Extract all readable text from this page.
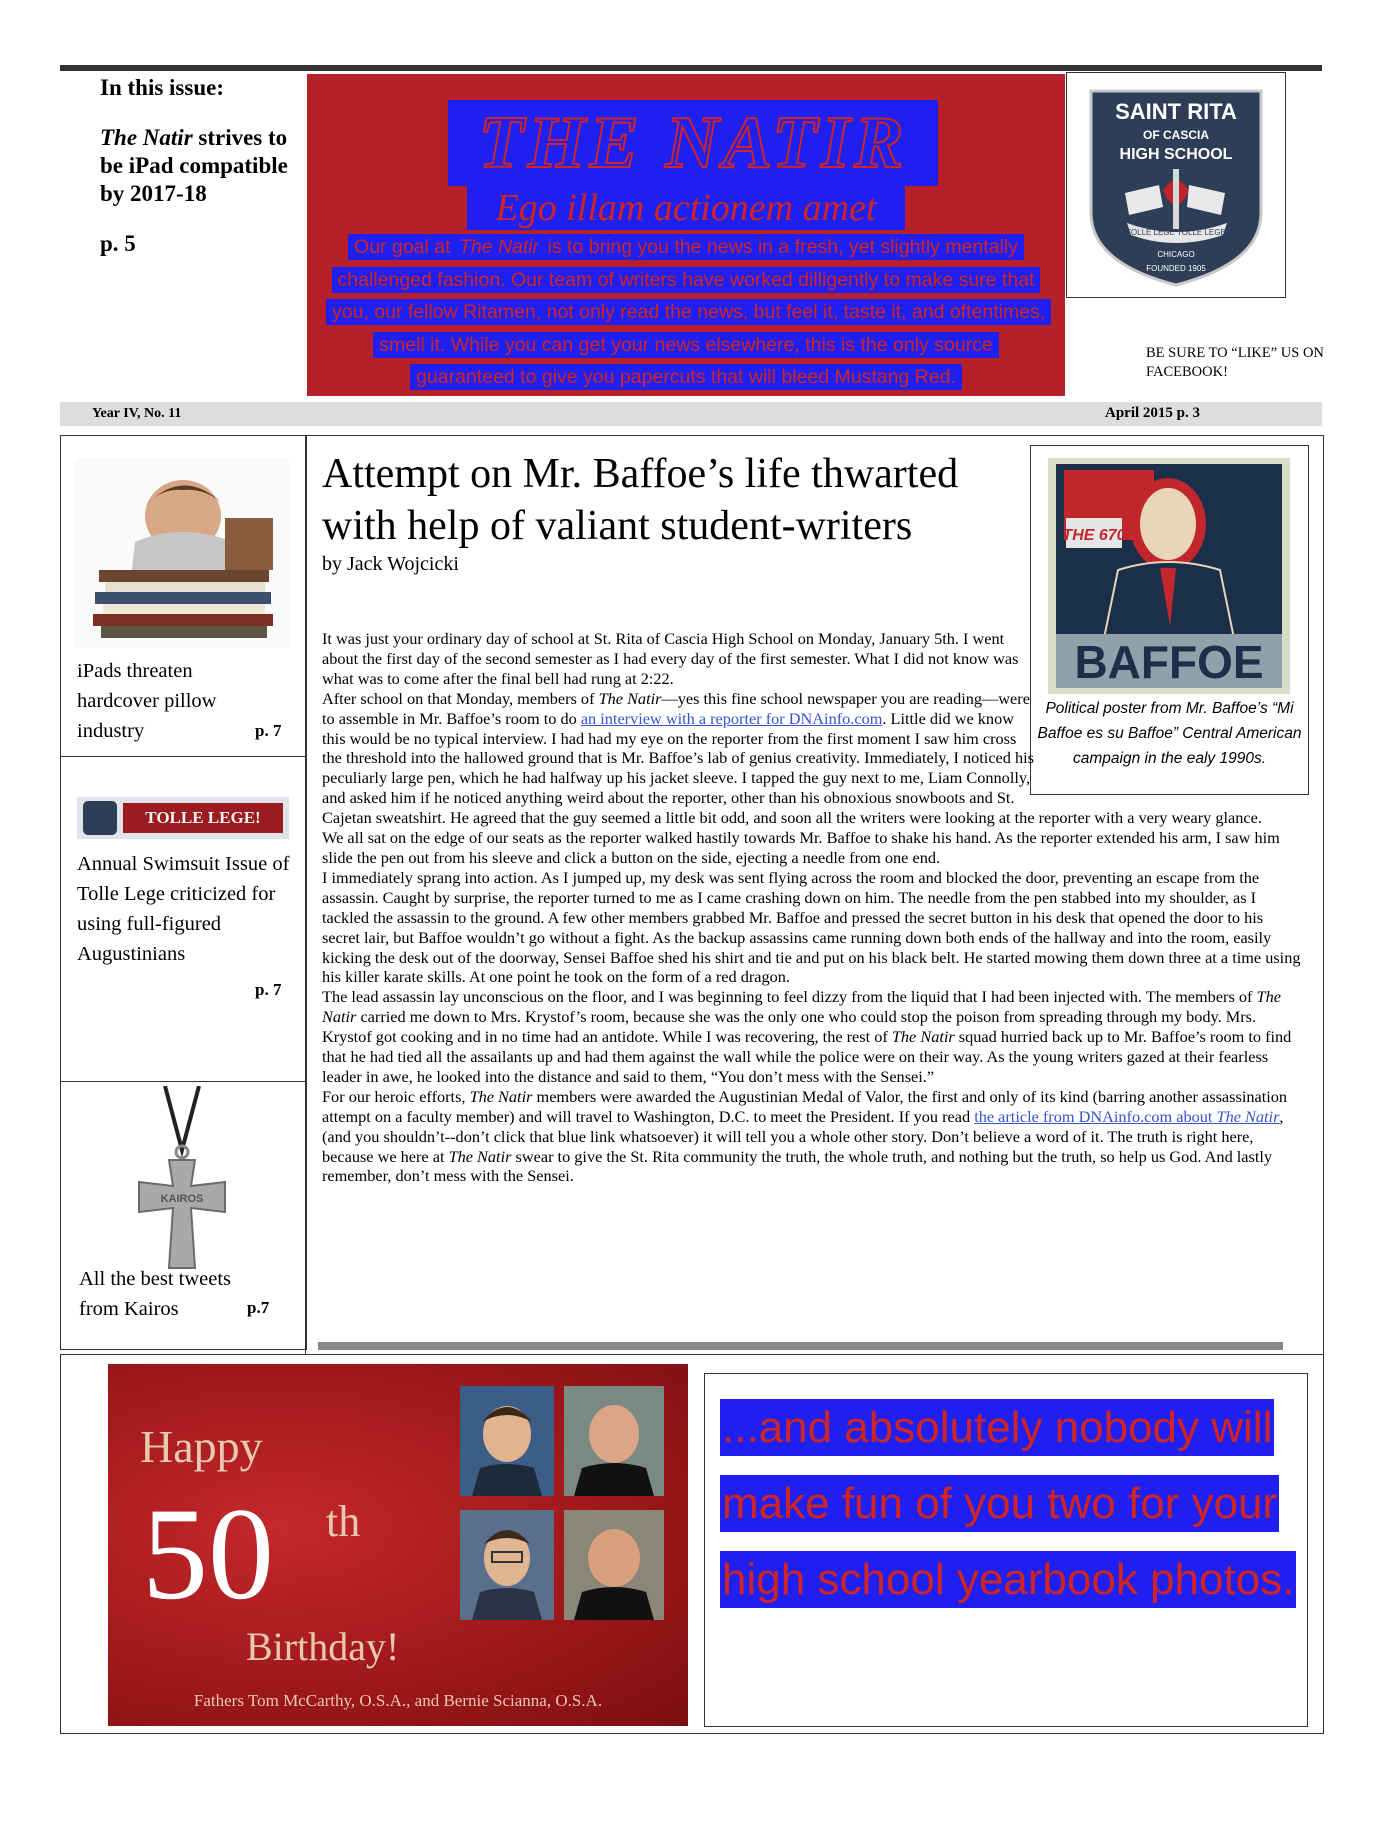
In this issue:
The Natir strives to be iPad compatible by 2017-18
p. 5
THE NATIR
Ego illam actionem amet
Our goal at The Natir is to bring you the news in a fresh, yet slightly mentally challenged fashion. Our team of writers have worked dilligently to make sure that you, our fellow Ritamen, not only read the news, but feel it, taste it, and oftentimes, smell it. While you can get your news elsewhere, this is the only source guaranteed to give you papercuts that will bleed Mustang Red.
SAINT RITA
OF CASCIA
HIGH SCHOOL
TOLLE LEGE TOLLE LEGE
CHICAGO
FOUNDED 1905
BE SURE TO “LIKE” US ON FACEBOOK!
Year IV, No. 11	April 2015 p. 3
iPads threaten hardcover pillow industry	p. 7
TOLLE LEGE!
Annual Swimsuit Issue of Tolle Lege criticized for using full-figured Augustinians
p. 7
KAIROS
All the best tweets from Kairos	p.7
Attempt on Mr. Baffoe’s life thwarted with help of valiant student-writers
by Jack Wojcicki
THE 670
BAFFOE
Political poster from Mr. Baffoe’s “Mi Baffoe es su Baffoe” Central American campaign in the ealy 1990s.

It was just your ordinary day of school at St. Rita of Cascia High School on Monday, January 5th. I went about the first day of the second semester as I had every day of the first semester. What I did not know was what was to come after the final bell had rung at 2:22.

After school on that Monday, members of The Natir—yes this fine school newspaper you are reading—were to assemble in Mr. Baffoe’s room to do an interview with a reporter for DNAinfo.com. Little did we know this would be no typical interview. I had had my eye on the reporter from the first moment I saw him cross the threshold into the hallowed ground that is Mr. Baffoe’s lab of genius creativity. Immediately, I noticed his peculiarly large pen, which he had halfway up his jacket sleeve. I tapped the guy next to me, Liam Connolly, and asked him if he noticed anything weird about the reporter, other than his obnoxious snowboots and St. Cajetan sweatshirt. He agreed that the guy seemed a little bit odd, and soon all the writers were looking at the reporter with a very weary glance.

We all sat on the edge of our seats as the reporter walked hastily towards Mr. Baffoe to shake his hand. As the reporter extended his arm, I saw him slide the pen out from his sleeve and click a button on the side, ejecting a needle from one end.

I immediately sprang into action. As I jumped up, my desk was sent flying across the room and blocked the door, preventing an escape from the assassin. Caught by surprise, the reporter turned to me as I came crashing down on him. The needle from the pen stabbed into my shoulder, as I tackled the assassin to the ground. A few other members grabbed Mr. Baffoe and pressed the secret button in his desk that opened the door to his secret lair, but Baffoe wouldn’t go without a fight. As the backup assassins came running down both ends of the hallway and into the room, easily kicking the desk out of the doorway, Sensei Baffoe shed his shirt and tie and put on his black belt. He started mowing them down three at a time using his killer karate skills. At one point he took on the form of a red dragon.

The lead assassin lay unconscious on the floor, and I was beginning to feel dizzy from the liquid that I had been injected with. The members of The Natir carried me down to Mrs. Krystof’s room, because she was the only one who could stop the poison from spreading through my body. Mrs. Krystof got cooking and in no time had an antidote. While I was recovering, the rest of The Natir squad hurried back up to Mr. Baffoe’s room to find that he had tied all the assailants up and had them against the wall while the police were on their way. As the young writers gazed at their fearless leader in awe, he looked into the distance and said to them, “You don’t mess with the Sensei.”

For our heroic efforts, The Natir members were awarded the Augustinian Medal of Valor, the first and only of its kind (barring another assassination attempt on a faculty member) and will travel to Washington, D.C. to meet the President. If you read the article from DNAinfo.com about The Natir, (and you shouldn’t--don’t click that blue link whatsoever) it will tell you a whole other story. Don’t believe a word of it. The truth is right here, because we here at The Natir swear to give the St. Rita community the truth, the whole truth, and nothing but the truth, so help us God. And lastly remember, don’t mess with the Sensei.

Happy
50 th
Birthday!
Fathers Tom McCarthy, O.S.A., and Bernie Scianna, O.S.A.
...and absolutely nobody will make fun of you two for your high school yearbook photos.
